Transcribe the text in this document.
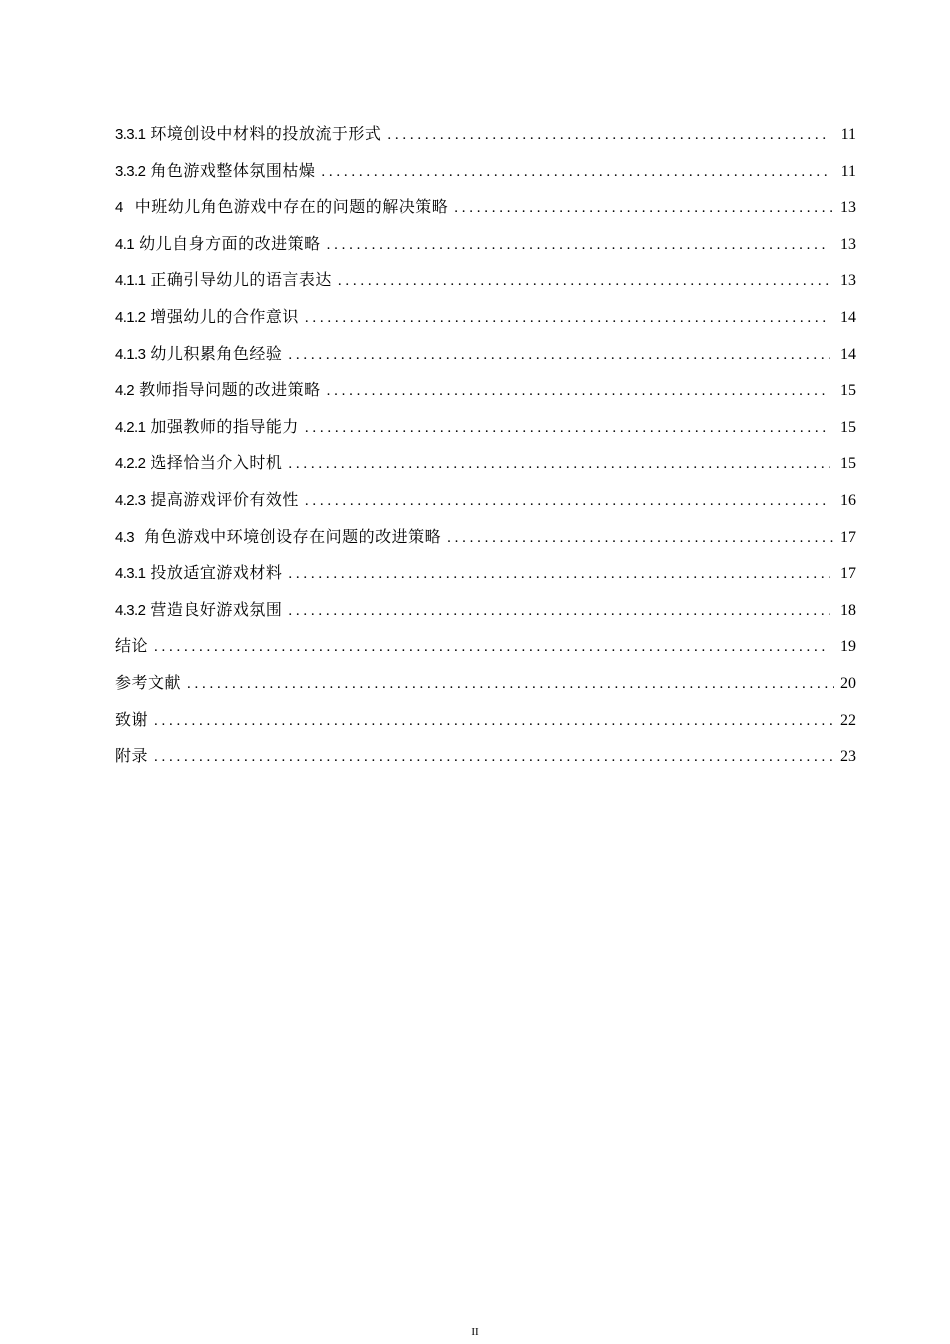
3.3.1 环境创设中材料的投放流于形式 . . .	11
3.3.2 角色游戏整体氛围枯燥 . . .	11
4 中班幼儿角色游戏中存在的问题的解决策略 . . .	13
4.1 幼儿自身方面的改进策略 . . .	13
4.1.1 正确引导幼儿的语言表达 . . .	13
4.1.2 增强幼儿的合作意识 . . .	14
4.1.3 幼儿积累角色经验 . . .	14
4.2 教师指导问题的改进策略 . . .	15
4.2.1 加强教师的指导能力 . . .	15
4.2.2 选择恰当介入时机 . . .	15
4.2.3 提高游戏评价有效性 . . .	16
4.3 角色游戏中环境创设存在问题的改进策略 . . .	17
4.3.1 投放适宜游戏材料 . . .	17
4.3.2 营造良好游戏氛围 . . .	18
结论 . . .	19
参考文献 . . .	20
致谢 . . .	22
附录 . . .	23
II
